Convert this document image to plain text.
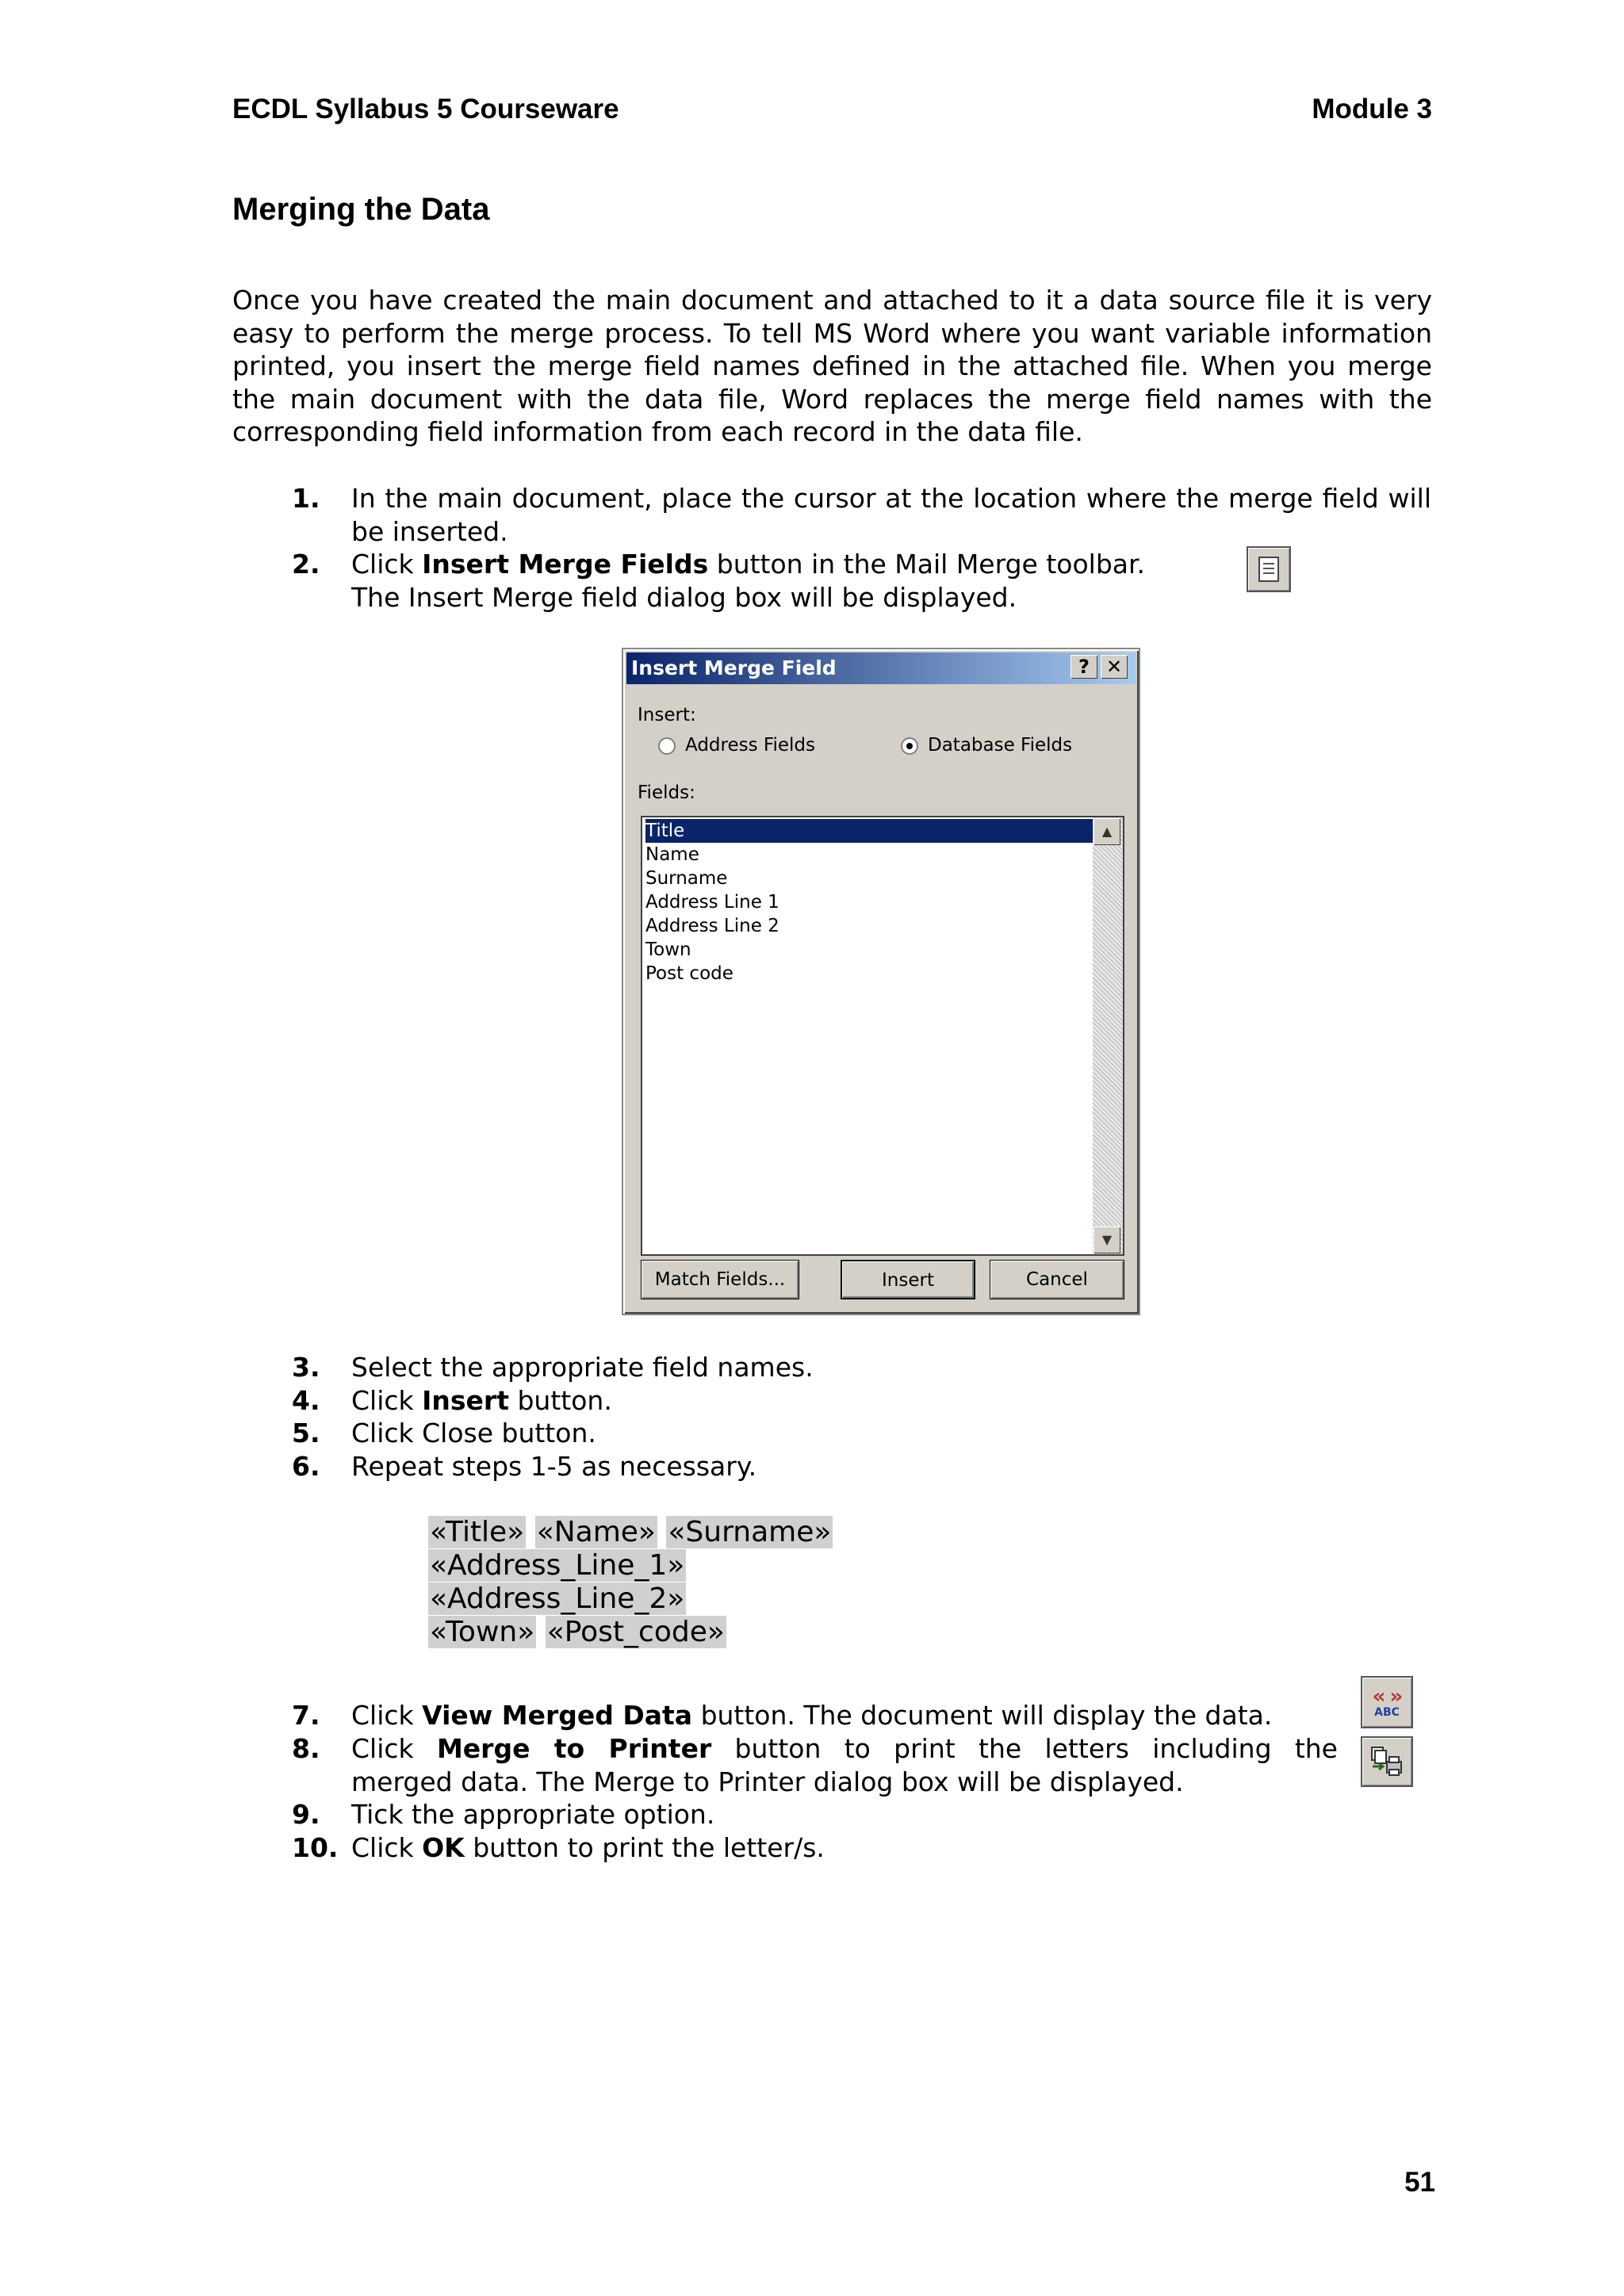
ECDL Syllabus 5 Courseware	Module 3
Merging the Data

Once you have created the main document and attached to it a data source file it is very easy to perform the merge process. To tell MS Word where you want variable information printed, you insert the merge field names defined in the attached file. When you merge the main document with the data file, Word replaces the merge field names with the corresponding field information from each record in the data file.

1. In the main document, place the cursor at the location where the merge field will be inserted.
2. Click Insert Merge Fields button in the Mail Merge toolbar.
The Insert Merge field dialog box will be displayed.
Insert Merge Field	? ✕
Insert:
Address Fields	Database Fields
Fields:
Title
Name
Surname
Address Line 1
Address Line 2
Town
Post code
▲
▼
Match Fields...	Insert	Cancel
3. Select the appropriate field names.
4. Click Insert button.
5. Click Close button.
6. Repeat steps 1-5 as necessary.
«Title» «Name» «Surname»
«Address_Line_1»
«Address_Line_2»
«Town» «Post_code»
7. Click View Merged Data button. The document will display the data.
8. Click Merge to Printer button to print the letters including the
merged data. The Merge to Printer dialog box will be displayed.
9. Tick the appropriate option.
10. Click OK button to print the letter/s.
« »
ABC
51
